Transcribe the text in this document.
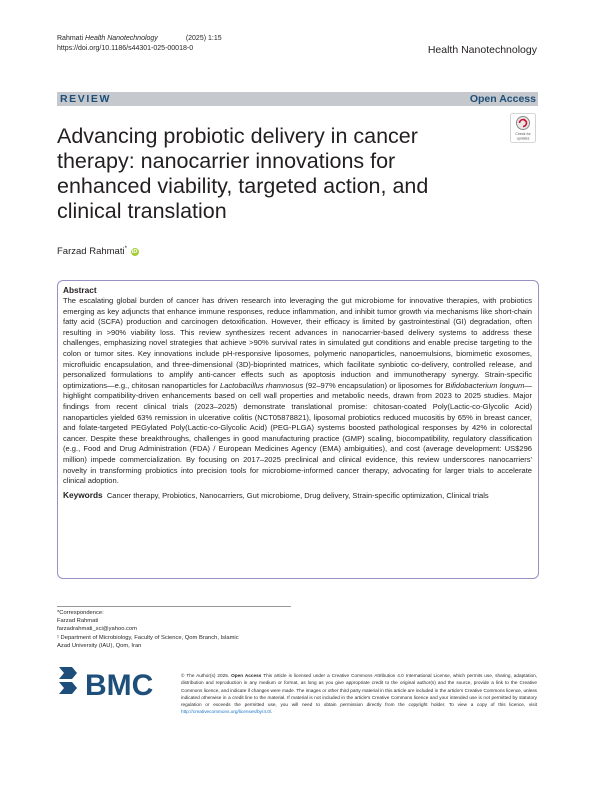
Rahmati Health Nanotechnology	(2025) 1:15
https://doi.org/10.1186/s44301-025-00018-0	Health Nanotechnology
REVIEW	Open Access
Advancing probiotic delivery in cancer therapy: nanocarrier innovations for enhanced viability, targeted action, and clinical translation
Check for
updates
Farzad Rahmati* iD
Abstract

The escalating global burden of cancer has driven research into leveraging the gut microbiome for innovative therapies, with probiotics emerging as key adjuncts that enhance immune responses, reduce inflammation, and inhibit tumor growth via mechanisms like short-chain fatty acid (SCFA) production and carcinogen detoxification. However, their efficacy is limited by gastrointestinal (GI) degradation, often resulting in >90% viability loss. This review synthesizes recent advances in nanocarrier-based delivery systems to address these challenges, emphasizing novel strategies that achieve >90% survival rates in simulated gut conditions and enable precise targeting to the colon or tumor sites. Key innovations include pH-responsive liposomes, polymeric nanoparticles, nanoemulsions, biomimetic exosomes, microfluidic encapsulation, and three-dimensional (3D)-bioprinted matrices, which facilitate synbiotic co-delivery, controlled release, and personalized formulations to amplify anti-cancer effects such as apoptosis induction and immunotherapy synergy. Strain-specific optimizations—e.g., chitosan nanoparticles for Lactobacillus rhamnosus (92–97% encapsulation) or liposomes for Bifidobacterium longum—highlight compatibility-driven enhancements based on cell wall properties and metabolic needs, drawn from 2023 to 2025 studies. Major findings from recent clinical trials (2023–2025) demonstrate translational promise: chitosan-coated Poly(Lactic-co-Glycolic Acid) nanoparticles yielded 63% remission in ulcerative colitis (NCT05878821), liposomal probiotics reduced mucositis by 65% in breast cancer, and folate-targeted PEGylated Poly(Lactic-co-Glycolic Acid) (PEG-PLGA) systems boosted pathological responses by 42% in colorectal cancer. Despite these breakthroughs, challenges in good manufacturing practice (GMP) scaling, biocompatibility, regulatory classification (e.g., Food and Drug Administration (FDA) / European Medicines Agency (EMA) ambiguities), and cost (average development: US$296 million) impede commercialization. By focusing on 2017–2025 preclinical and clinical evidence, this review underscores nanocarriers' novelty in transforming probiotics into precision tools for microbiome-informed cancer therapy, advocating for larger trials to accelerate clinical adoption.

Keywords Cancer therapy, Probiotics, Nanocarriers, Gut microbiome, Drug delivery, Strain-specific optimization, Clinical trials
*Correspondence:
Farzad Rahmati
farzadrahmati_sci@yahoo.com
¹ Department of Microbiology, Faculty of Science, Qom Branch, Islamic
Azad University (IAU), Qom, Iran
BMC	© The Author(s) 2025. Open Access This article is licensed under a Creative Commons Attribution 4.0 International License, which permits use, sharing, adaptation, distribution and reproduction in any medium or format, as long as you give appropriate credit to the original author(s) and the source, provide a link to the Creative Commons licence, and indicate if changes were made. The images or other third party material in this article are included in the article's Creative Commons licence, unless indicated otherwise in a credit line to the material. If material is not included in the article's Creative Commons licence and your intended use is not permitted by statutory regulation or exceeds the permitted use, you will need to obtain permission directly from the copyright holder. To view a copy of this licence, visit http://creativecommons.org/licenses/by/4.0/.
